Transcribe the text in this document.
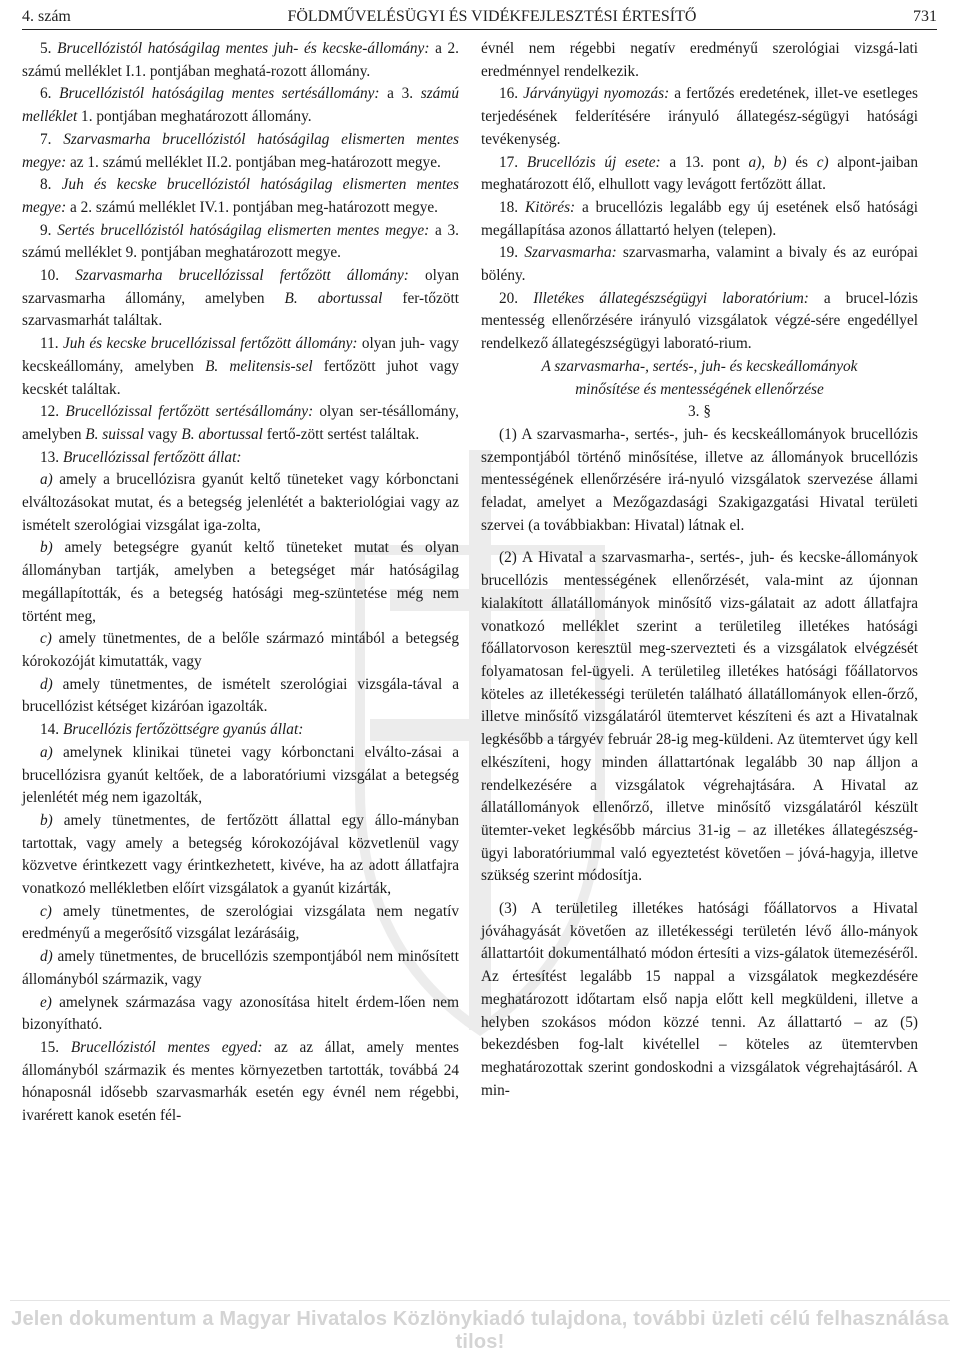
4. szám	FÖLDMŰVELÉSÜGYI ÉS VIDÉKFEJLESZTÉSI ÉRTESÍTŐ	731

5. Brucellózistól hatóságilag mentes juh- és kecske-állomány: a 2. számú melléklet I.1. pontjában meghatá-rozott állomány.

6. Brucellózistól hatóságilag mentes sertésállomány: a 3. számú melléklet 1. pontjában meghatározott állomány.

7. Szarvasmarha brucellózistól hatóságilag elismerten mentes megye: az 1. számú melléklet II.2. pontjában meg-határozott megye.

8. Juh és kecske brucellózistól hatóságilag elismerten mentes megye: a 2. számú melléklet IV.1. pontjában meg-határozott megye.

9. Sertés brucellózistól hatóságilag elismerten mentes megye: a 3. számú melléklet 9. pontjában meghatározott megye.

10. Szarvasmarha brucellózissal fertőzött állomány: olyan szarvasmarha állomány, amelyben B. abortussal fer-tőzött szarvasmarhát találtak.

11. Juh és kecske brucellózissal fertőzött állomány: olyan juh- vagy kecskeállomány, amelyben B. melitensis-sel fertőzött juhot vagy kecskét találtak.

12. Brucellózissal fertőzött sertésállomány: olyan ser-tésállomány, amelyben B. suissal vagy B. abortussal fertő-zött sertést találtak.

13. Brucellózissal fertőzött állat:

a) amely a brucellózisra gyanút keltő tüneteket vagy kórbonctani elváltozásokat mutat, és a betegség jelenlétét a bakteriológiai vagy az ismételt szerológiai vizsgálat iga-zolta,

b) amely betegségre gyanút keltő tüneteket mutat és olyan állományban tartják, amelyben a betegséget már hatóságilag megállapították, és a betegség hatósági meg-szüntetése még nem történt meg,

c) amely tünetmentes, de a belőle származó mintából a betegség kórokozóját kimutatták, vagy

d) amely tünetmentes, de ismételt szerológiai vizsgála-tával a brucellózist kétséget kizáróan igazolták.

14. Brucellózis fertőzöttségre gyanús állat:

a) amelynek klinikai tünetei vagy kórbonctani elválto-zásai a brucellózisra gyanút keltőek, de a laboratóriumi vizsgálat a betegség jelenlétét még nem igazolták,

b) amely tünetmentes, de fertőzött állattal egy állo-mányban tartottak, vagy amely a betegség kórokozójával közvetlenül vagy közvetve érintkezett vagy érintkezhetett, kivéve, ha az adott állatfajra vonatkozó mellékletben előírt vizsgálatok a gyanút kizárták,

c) amely tünetmentes, de szerológiai vizsgálata nem negatív eredményű a megerősítő vizsgálat lezárásáig,

d) amely tünetmentes, de brucellózis szempontjából nem minősített állományból származik, vagy

e) amelynek származása vagy azonosítása hitelt érdem-lően nem bizonyítható.

15. Brucellózistól mentes egyed: az az állat, amely mentes állományból származik és mentes környezetben tartották, továbbá 24 hónaposnál idősebb szarvasmarhák esetén egy évnél nem régebbi, ivarérett kanok esetén fél-

évnél nem régebbi negatív eredményű szerológiai vizsgá-lati eredménnyel rendelkezik.

16. Járványügyi nyomozás: a fertőzés eredetének, illet-ve esetleges terjedésének felderítésére irányuló állategész-ségügyi hatósági tevékenység.

17. Brucellózis új esete: a 13. pont a), b) és c) alpont-jaiban meghatározott élő, elhullott vagy levágott fertőzött állat.

18. Kitörés: a brucellózis legalább egy új esetének első hatósági megállapítása azonos állattartó helyen (telepen).

19. Szarvasmarha: szarvasmarha, valamint a bivaly és az európai bölény.

20. Illetékes állategészségügyi laboratórium: a brucel-lózis mentesség ellenőrzésére irányuló vizsgálatok végzé-sére engedéllyel rendelkező állategészségügyi laborató-rium.

A szarvasmarha-, sertés-, juh- és kecskeállományok
minősítése és mentességének ellenőrzése

3. §

(1) A szarvasmarha-, sertés-, juh- és kecskeállományok brucellózis szempontjából történő minősítése, illetve az állományok brucellózis mentességének ellenőrzésére irá-nyuló vizsgálatok szervezése állami feladat, amelyet a Mezőgazdasági Szakigazgatási Hivatal területi szervei (a továbbiakban: Hivatal) látnak el.

(2) A Hivatal a szarvasmarha-, sertés-, juh- és kecske-állományok brucellózis mentességének ellenőrzését, vala-mint az újonnan kialakított állatállományok minősítő vizs-gálatait az adott állatfajra vonatkozó melléklet szerint a területileg illetékes hatósági főállatorvoson keresztül meg-szervezteti és a vizsgálatok elvégzését folyamatosan fel-ügyeli. A területileg illetékes hatósági főállatorvos köteles az illetékességi területén található állatállományok ellen-őrző, illetve minősítő vizsgálatáról ütemtervet készíteni és azt a Hivatalnak legkésőbb a tárgyév február 28-ig meg-küldeni. Az ütemtervet úgy kell elkészíteni, hogy minden állattartónak legalább 30 nap álljon a rendelkezésére a vizsgálatok végrehajtására. A Hivatal az állatállományok ellenőrző, illetve minősítő vizsgálatáról készült ütemter-veket legkésőbb március 31-ig – az illetékes állategészség-ügyi laboratóriummal való egyeztetést követően – jóvá-hagyja, illetve szükség szerint módosítja.

(3) A területileg illetékes hatósági főállatorvos a Hivatal jóváhagyását követően az illetékességi területén lévő állo-mányok állattartóit dokumentálható módon értesíti a vizs-gálatok ütemezéséről. Az értesítést legalább 15 nappal a vizsgálatok megkezdésére meghatározott időtartam első napja előtt kell megküldeni, illetve a helyben szokásos módon közzé tenni. Az állattartó – az (5) bekezdésben fog-lalt kivétellel – köteles az ütemtervben meghatározottak szerint gondoskodni a vizsgálatok végrehajtásáról. A min-

Jelen dokumentum a Magyar Hivatalos Közlönykiadó tulajdona, további üzleti célú felhasználása tilos!
